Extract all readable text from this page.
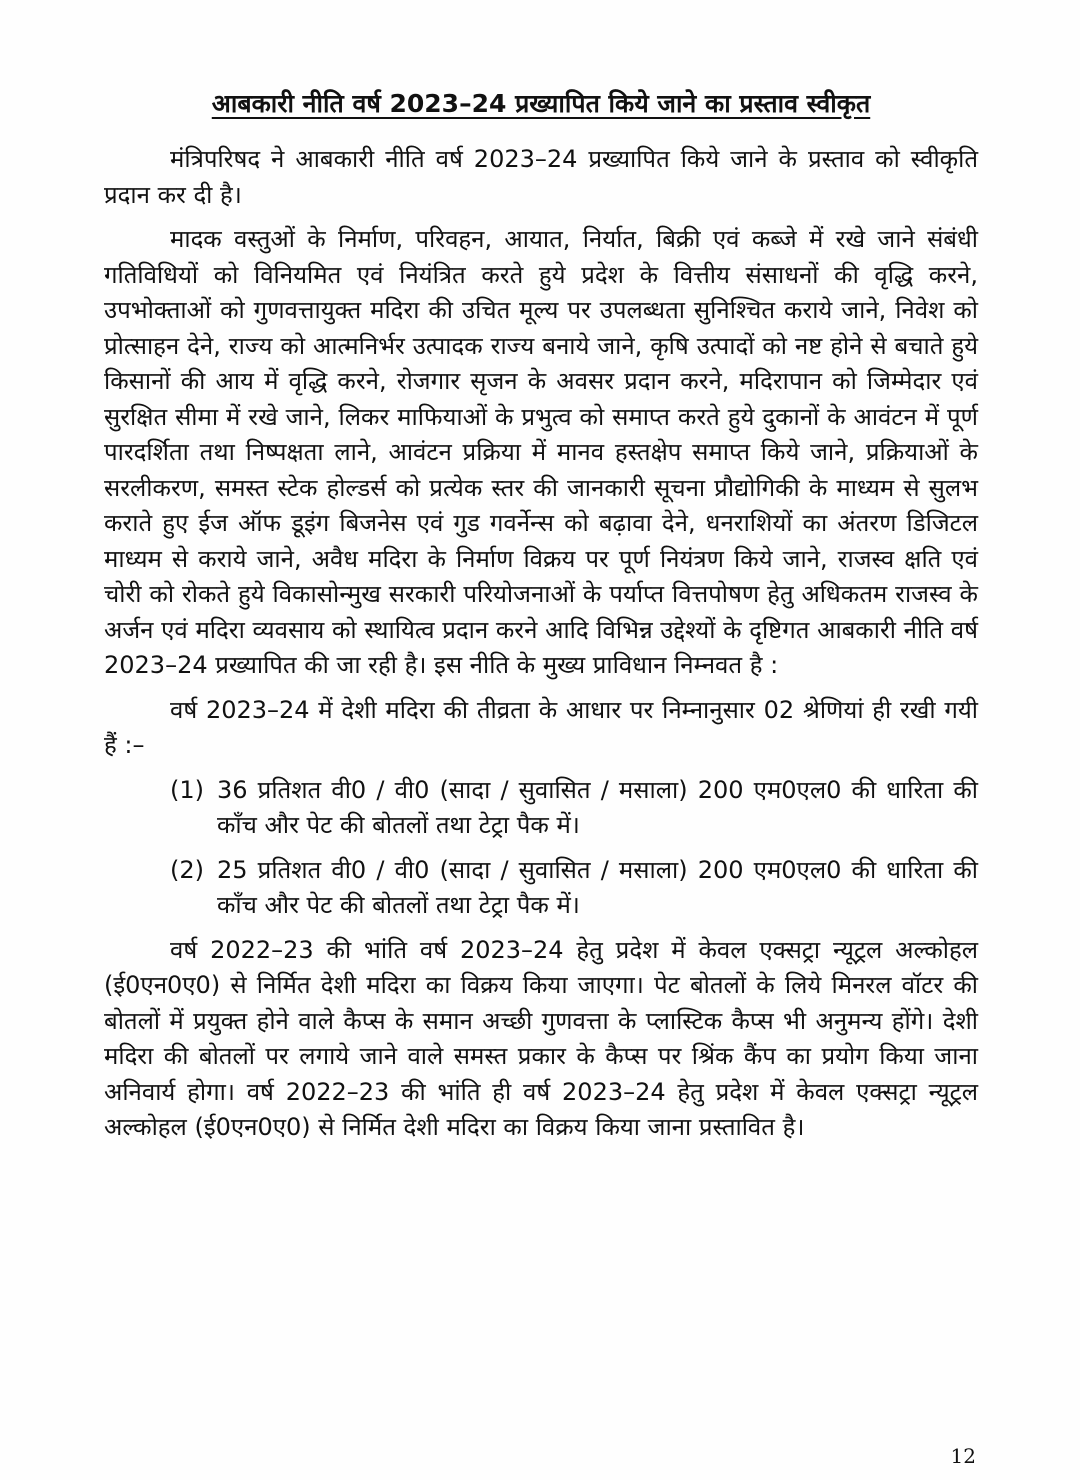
आबकारी नीति वर्ष 2023–24 प्रख्यापित किये जाने का प्रस्ताव स्वीकृत

मंत्रिपरिषद ने आबकारी नीति वर्ष 2023–24 प्रख्यापित किये जाने के प्रस्ताव को स्वीकृति प्रदान कर दी है।

मादक वस्तुओं के निर्माण, परिवहन, आयात, निर्यात, बिक्री एवं कब्जे में रखे जाने संबंधी गतिविधियों को विनियमित एवं नियंत्रित करते हुये प्रदेश के वित्तीय संसाधनों की वृद्धि करने, उपभोक्ताओं को गुणवत्तायुक्त मदिरा की उचित मूल्य पर उपलब्धता सुनिश्चित कराये जाने, निवेश को प्रोत्साहन देने, राज्य को आत्मनिर्भर उत्पादक राज्य बनाये जाने, कृषि उत्पादों को नष्ट होने से बचाते हुये किसानों की आय में वृद्धि करने, रोजगार सृजन के अवसर प्रदान करने, मदिरापान को जिम्मेदार एवं सुरक्षित सीमा में रखे जाने, लिकर माफियाओं के प्रभुत्व को समाप्त करते हुये दुकानों के आवंटन में पूर्ण पारदर्शिता तथा निष्पक्षता लाने, आवंटन प्रक्रिया में मानव हस्तक्षेप समाप्त किये जाने, प्रक्रियाओं के सरलीकरण, समस्त स्टेक होल्डर्स को प्रत्येक स्तर की जानकारी सूचना प्रौद्योगिकी के माध्यम से सुलभ कराते हुए ईज ऑफ डूइंग बिजनेस एवं गुड गवर्नेन्स को बढ़ावा देने, धनराशियों का अंतरण डिजिटल माध्यम से कराये जाने, अवैध मदिरा के निर्माण विक्रय पर पूर्ण नियंत्रण किये जाने, राजस्व क्षति एवं चोरी को रोकते हुये विकासोन्मुख सरकारी परियोजनाओं के पर्याप्त वित्तपोषण हेतु अधिकतम राजस्व के अर्जन एवं मदिरा व्यवसाय को स्थायित्व प्रदान करने आदि विभिन्न उद्देश्यों के दृष्टिगत आबकारी नीति वर्ष 2023–24 प्रख्यापित की जा रही है। इस नीति के मुख्य प्राविधान निम्नवत है :

वर्ष 2023–24 में देशी मदिरा की तीव्रता के आधार पर निम्नानुसार 02 श्रेणियां ही रखी गयी हैं :–

(1) 36 प्रतिशत वी0 / वी0 (सादा / सुवासित / मसाला) 200 एम0एल0 की धारिता की काँच और पेट की बोतलों तथा टेट्रा पैक में।
(2) 25 प्रतिशत वी0 / वी0 (सादा / सुवासित / मसाला) 200 एम0एल0 की धारिता की काँच और पेट की बोतलों तथा टेट्रा पैक में।

वर्ष 2022–23 की भांति वर्ष 2023–24 हेतु प्रदेश में केवल एक्सट्रा न्यूट्रल अल्कोहल (ई0एन0ए0) से निर्मित देशी मदिरा का विक्रय किया जाएगा। पेट बोतलों के लिये मिनरल वॉटर की बोतलों में प्रयुक्त होने वाले कैप्स के समान अच्छी गुणवत्ता के प्लास्टिक कैप्स भी अनुमन्य होंगे। देशी मदिरा की बोतलों पर लगाये जाने वाले समस्त प्रकार के कैप्स पर श्रिंक कैंप का प्रयोग किया जाना अनिवार्य होगा। वर्ष 2022–23 की भांति ही वर्ष 2023–24 हेतु प्रदेश में केवल एक्सट्रा न्यूट्रल अल्कोहल (ई0एन0ए0) से निर्मित देशी मदिरा का विक्रय किया जाना प्रस्तावित है।

12
